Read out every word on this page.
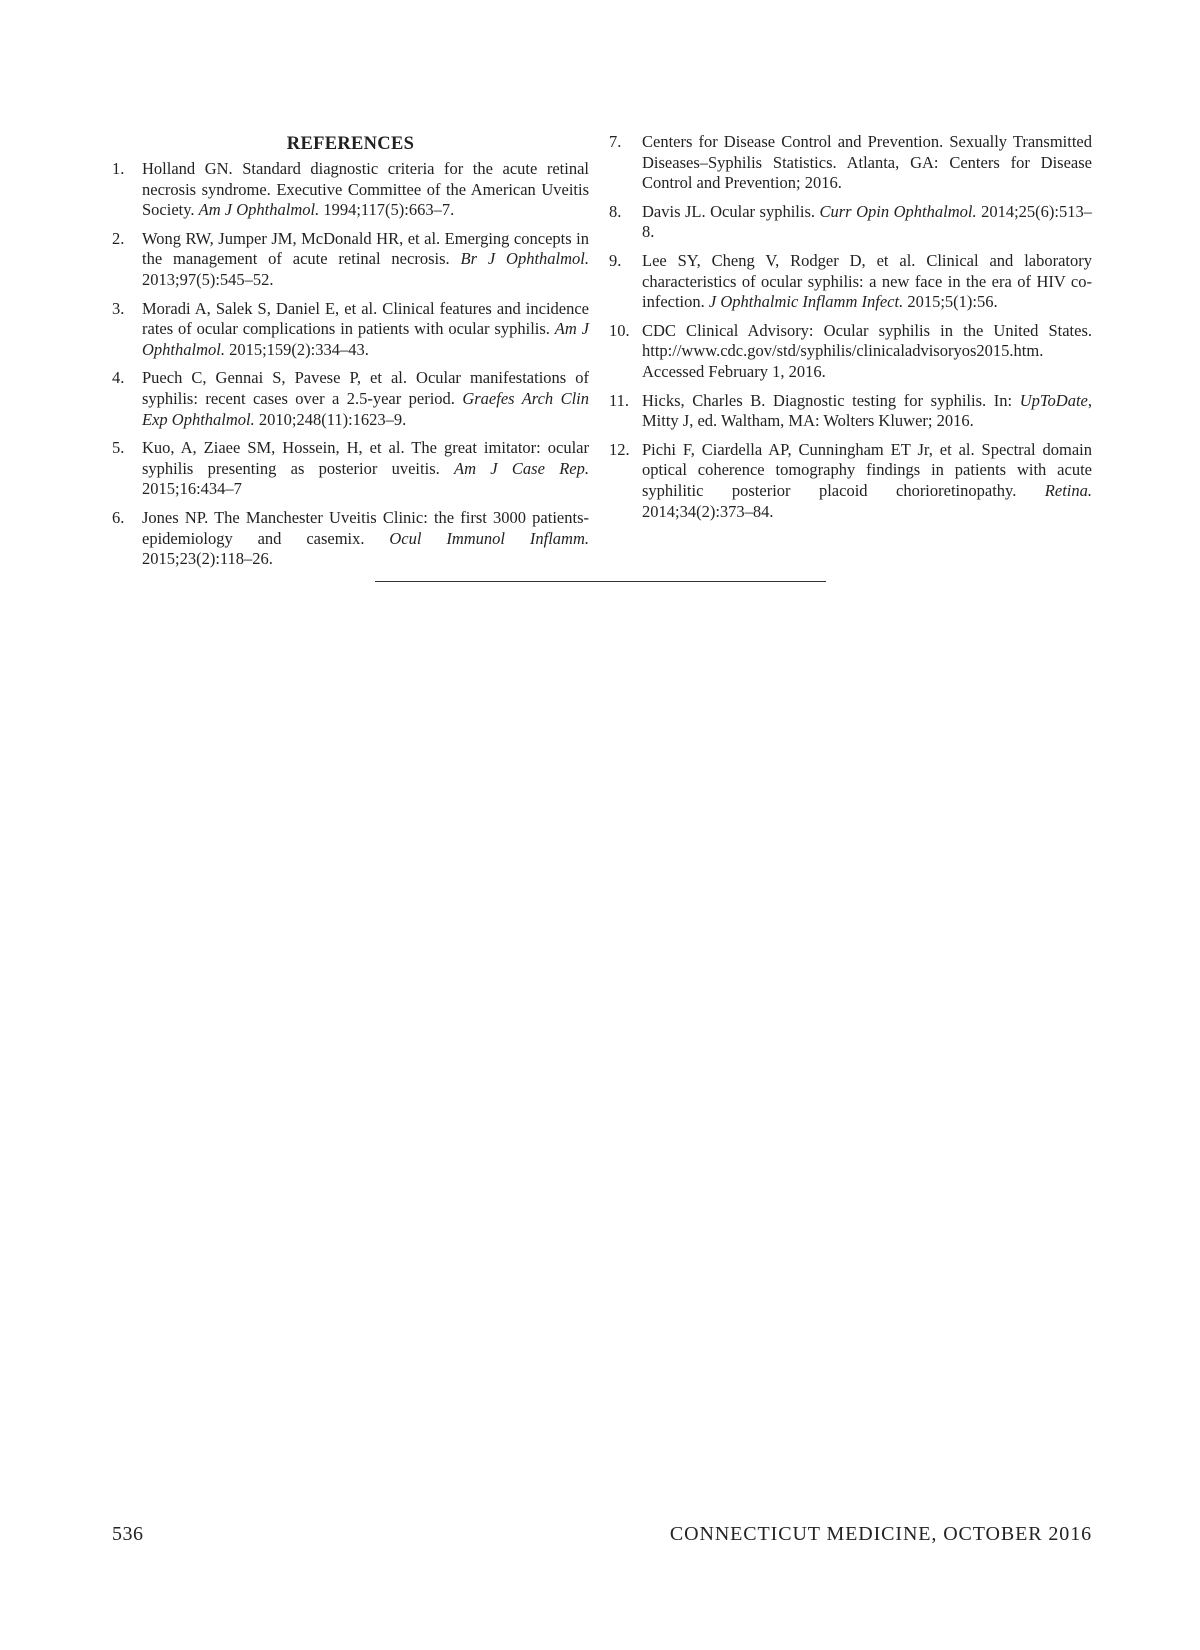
REFERENCES
1. Holland GN. Standard diagnostic criteria for the acute retinal necrosis syndrome. Executive Committee of the American Uveitis Society. Am J Ophthalmol. 1994;117(5):663–7.
2. Wong RW, Jumper JM, McDonald HR, et al. Emerging concepts in the management of acute retinal necrosis. Br J Ophthalmol. 2013;97(5):545–52.
3. Moradi A, Salek S, Daniel E, et al. Clinical features and incidence rates of ocular complications in patients with ocular syphilis. Am J Ophthalmol. 2015;159(2):334–43.
4. Puech C, Gennai S, Pavese P, et al. Ocular manifestations of syphilis: recent cases over a 2.5-year period. Graefes Arch Clin Exp Ophthalmol. 2010;248(11):1623–9.
5. Kuo, A, Ziaee SM, Hossein, H, et al. The great imitator: ocular syphilis presenting as posterior uveitis. Am J Case Rep. 2015;16:434–7
6. Jones NP. The Manchester Uveitis Clinic: the first 3000 patients-epidemiology and casemix. Ocul Immunol Inflamm. 2015;23(2):118–26.
7. Centers for Disease Control and Prevention. Sexually Transmitted Diseases–Syphilis Statistics. Atlanta, GA: Centers for Disease Control and Prevention; 2016.
8. Davis JL. Ocular syphilis. Curr Opin Ophthalmol. 2014;25(6):513–8.
9. Lee SY, Cheng V, Rodger D, et al. Clinical and laboratory characteristics of ocular syphilis: a new face in the era of HIV co-infection. J Ophthalmic Inflamm Infect. 2015;5(1):56.
10. CDC Clinical Advisory: Ocular syphilis in the United States. http://www.cdc.gov/std/syphilis/clinicaladvisoryos2015.htm. Accessed February 1, 2016.
11. Hicks, Charles B. Diagnostic testing for syphilis. In: UpToDate, Mitty J, ed. Waltham, MA: Wolters Kluwer; 2016.
12. Pichi F, Ciardella AP, Cunningham ET Jr, et al. Spectral domain optical coherence tomography findings in patients with acute syphilitic posterior placoid chorioretinopathy. Retina. 2014;34(2):373–84.
536	CONNECTICUT MEDICINE, OCTOBER 2016
